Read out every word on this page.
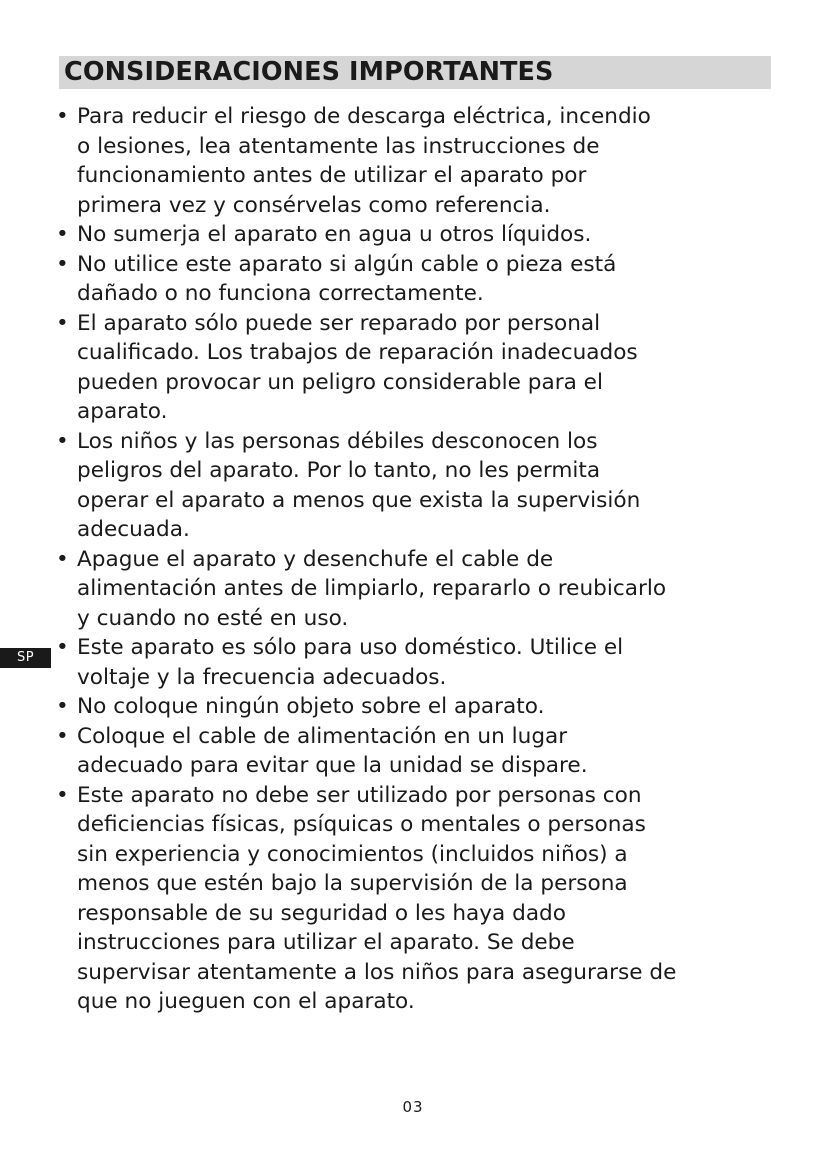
CONSIDERACIONES IMPORTANTES
• Para reducir el riesgo de descarga eléctrica, incendio
o lesiones, lea atentamente las instrucciones de
funcionamiento antes de utilizar el aparato por
primera vez y consérvelas como referencia.
• No sumerja el aparato en agua u otros líquidos.
• No utilice este aparato si algún cable o pieza está
dañado o no funciona correctamente.
• El aparato sólo puede ser reparado por personal
cualificado. Los trabajos de reparación inadecuados
pueden provocar un peligro considerable para el
aparato.
• Los niños y las personas débiles desconocen los
peligros del aparato. Por lo tanto, no les permita
operar el aparato a menos que exista la supervisión
adecuada.
• Apague el aparato y desenchufe el cable de
alimentación antes de limpiarlo, repararlo o reubicarlo
y cuando no esté en uso.
• Este aparato es sólo para uso doméstico. Utilice el
voltaje y la frecuencia adecuados.
• No coloque ningún objeto sobre el aparato.
• Coloque el cable de alimentación en un lugar
adecuado para evitar que la unidad se dispare.
• Este aparato no debe ser utilizado por personas con
deficiencias físicas, psíquicas o mentales o personas
sin experiencia y conocimientos (incluidos niños) a
menos que estén bajo la supervisión de la persona
responsable de su seguridad o les haya dado
instrucciones para utilizar el aparato. Se debe
supervisar atentamente a los niños para asegurarse de
que no jueguen con el aparato.
SP
03
